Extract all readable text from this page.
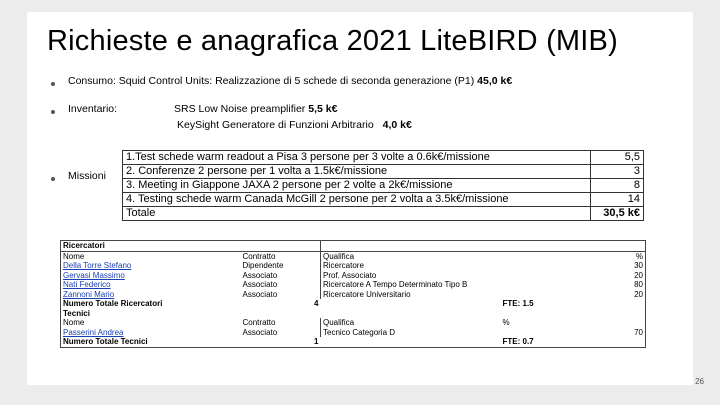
Richieste e anagrafica 2021 LiteBIRD (MIB)
Consumo: Squid Control Units: Realizzazione di 5 schede di seconda generazione (P1) 45,0 k€
Inventario:	SRS Low Noise preamplifier 5,5 k€
KeySight Generatore di Funzioni Arbitrario 4,0 k€
Missioni
1.Test schede warm readout a Pisa 3 persone per 3 volte a 0.6k€/missione	5,5
2. Conferenze 2 persone per 1 volta a 1.5k€/missione	3
3. Meeting in Giappone JAXA 2 persone per 2 volte a 2k€/missione	8
4. Testing schede warm Canada McGill 2 persone per 2 volta a 3.5k€/missione	14
Totale	30,5 k€
Ricercatori			
Nome	Contratto	Qualifica	%
Della Torre Stefano	Dipendente	Ricercatore	30
Gervasi Massimo	Associato	Prof. Associato	20
Nati Federico	Associato	Ricercatore A Tempo Determinato Tipo B	80
Zannoni Mario	Associato	Ricercatore Universitario	20
Numero Totale Ricercatori	4		FTE: 1.5
Tecnici			
Nome	Contratto	Qualifica	%
Passerini Andrea	Associato	Tecnico Categoria D	70
Numero Totale Tecnici	1		FTE: 0.7
26
